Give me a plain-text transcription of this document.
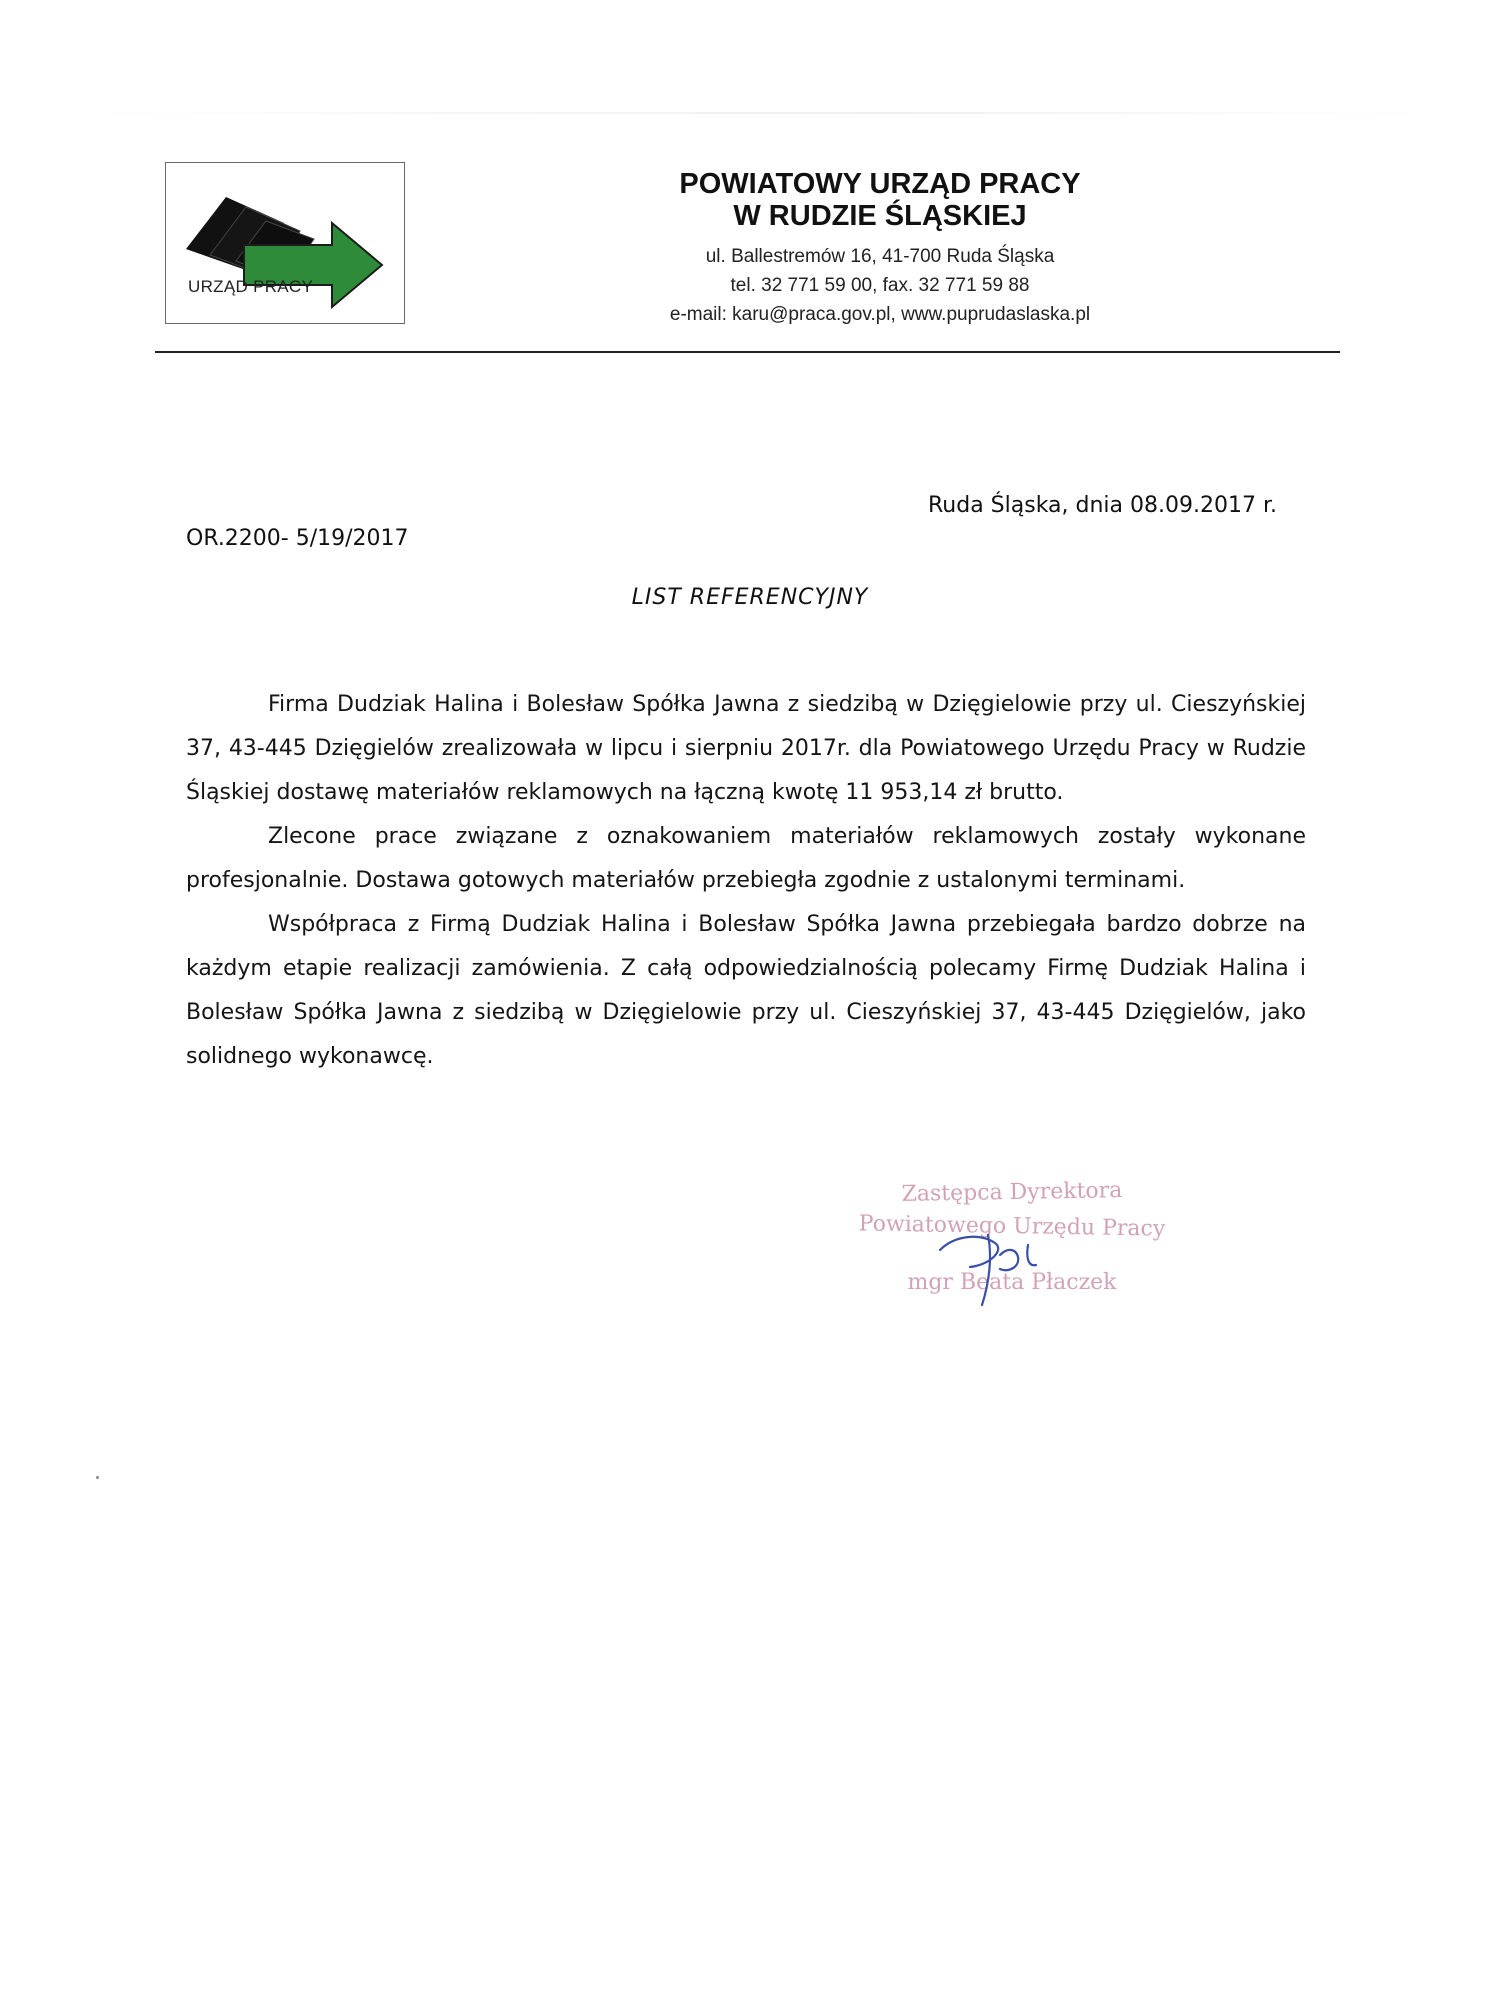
URZĄD PRACY
POWIATOWY URZĄD PRACY
W RUDZIE ŚLĄSKIEJ
ul. Ballestremów 16, 41-700 Ruda Śląska
tel. 32 771 59 00, fax. 32 771 59 88
e-mail: karu@praca.gov.pl, www.puprudaslaska.pl
Ruda Śląska, dnia 08.09.2017 r.
OR.2200- 5/19/2017
LIST REFERENCYJNY

Firma Dudziak Halina i Bolesław Spółka Jawna z siedzibą w Dzięgielowie przy ul. Cieszyńskiej 37, 43-445 Dzięgielów zrealizowała w lipcu i sierpniu 2017r. dla Powiatowego Urzędu Pracy w Rudzie Śląskiej dostawę materiałów reklamowych na łączną kwotę 11 953,14 zł brutto.

Zlecone prace związane z oznakowaniem materiałów reklamowych zostały wykonane profesjonalnie. Dostawa gotowych materiałów przebiegła zgodnie z ustalonymi terminami.

Współpraca z Firmą Dudziak Halina i Bolesław Spółka Jawna przebiegała bardzo dobrze na każdym etapie realizacji zamówienia. Z całą odpowiedzialnością polecamy Firmę Dudziak Halina i Bolesław Spółka Jawna z siedzibą w Dzięgielowie przy ul. Cieszyńskiej 37, 43-445 Dzięgielów, jako solidnego wykonawcę.

Zastępca Dyrektora
Powiatowego Urzędu Pracy
mgr Beata Płaczek
